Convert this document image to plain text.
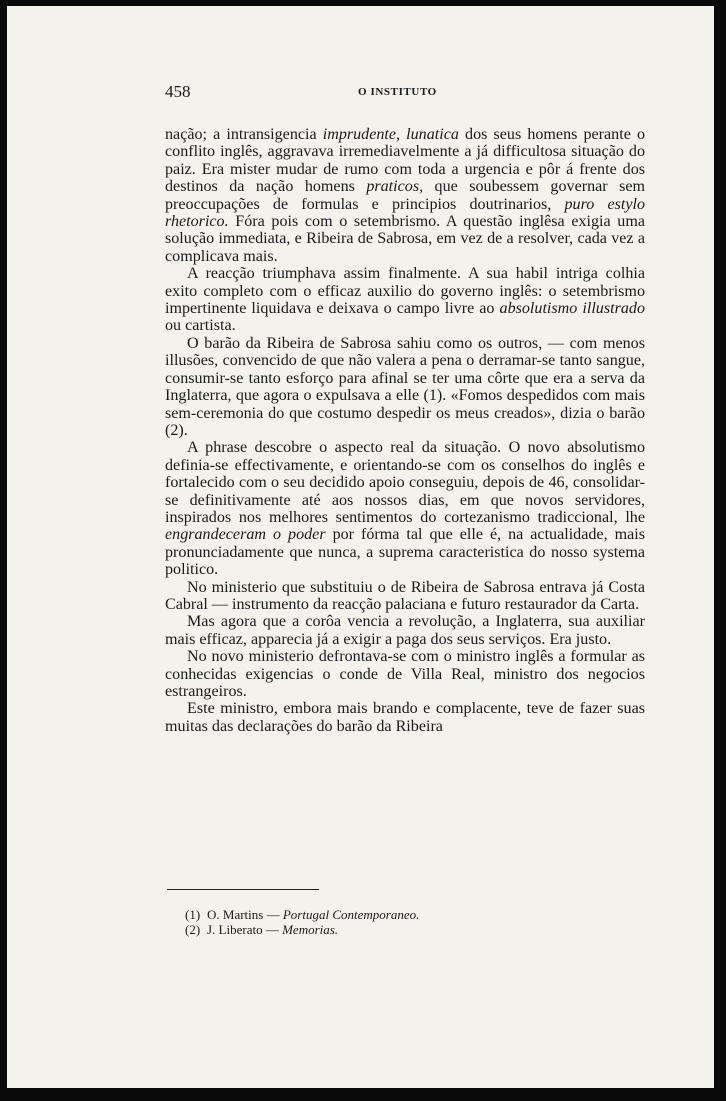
458	O INSTITUTO

nação; a intransigencia imprudente, lunatica dos seus homens perante o conflito inglês, aggravava irremediavelmente a já difficultosa situação do paiz. Era mister mudar de rumo com toda a urgencia e pôr á frente dos destinos da nação homens praticos, que soubessem governar sem preoccupações de formulas e principios doutrinarios, puro estylo rhetorico. Fóra pois com o setembrismo. A questão inglêsa exigia uma solução immediata, e Ribeira de Sabrosa, em vez de a resolver, cada vez a complicava mais.

A reacção triumphava assim finalmente. A sua habil intriga colhia exito completo com o efficaz auxilio do governo inglês: o setembrismo impertinente liquidava e deixava o campo livre ao absolutismo illustrado ou cartista.

O barão da Ribeira de Sabrosa sahiu como os outros, — com menos illusões, convencido de que não valera a pena o derramar-se tanto sangue, consumir-se tanto esforço para afinal se ter uma côrte que era a serva da Inglaterra, que agora o expulsava a elle (1). «Fomos despedidos com mais sem-ceremonia do que costumo despedir os meus creados», dizia o barão (2).

A phrase descobre o aspecto real da situação. O novo absolutismo definia-se effectivamente, e orientando-se com os conselhos do inglês e fortalecido com o seu decidido apoio conseguiu, depois de 46, consolidar-se definitivamente até aos nossos dias, em que novos servidores, inspirados nos melhores sentimentos do cortezanismo tradiccional, lhe engrandeceram o poder por fórma tal que elle é, na actualidade, mais pronunciadamente que nunca, a suprema caracteristica do nosso systema politico.

No ministerio que substituiu o de Ribeira de Sabrosa entrava já Costa Cabral — instrumento da reacção palaciana e futuro restaurador da Carta.

Mas agora que a corôa vencia a revolução, a Inglaterra, sua auxiliar mais efficaz, apparecia já a exigir a paga dos seus serviços. Era justo.

No novo ministerio defrontava-se com o ministro inglês a formular as conhecidas exigencias o conde de Villa Real, ministro dos negocios estrangeiros.

Este ministro, embora mais brando e complacente, teve de fazer suas muitas das declarações do barão da Ribeira

(1) O. Martins — Portugal Contemporaneo.
(2) J. Liberato — Memorias.
